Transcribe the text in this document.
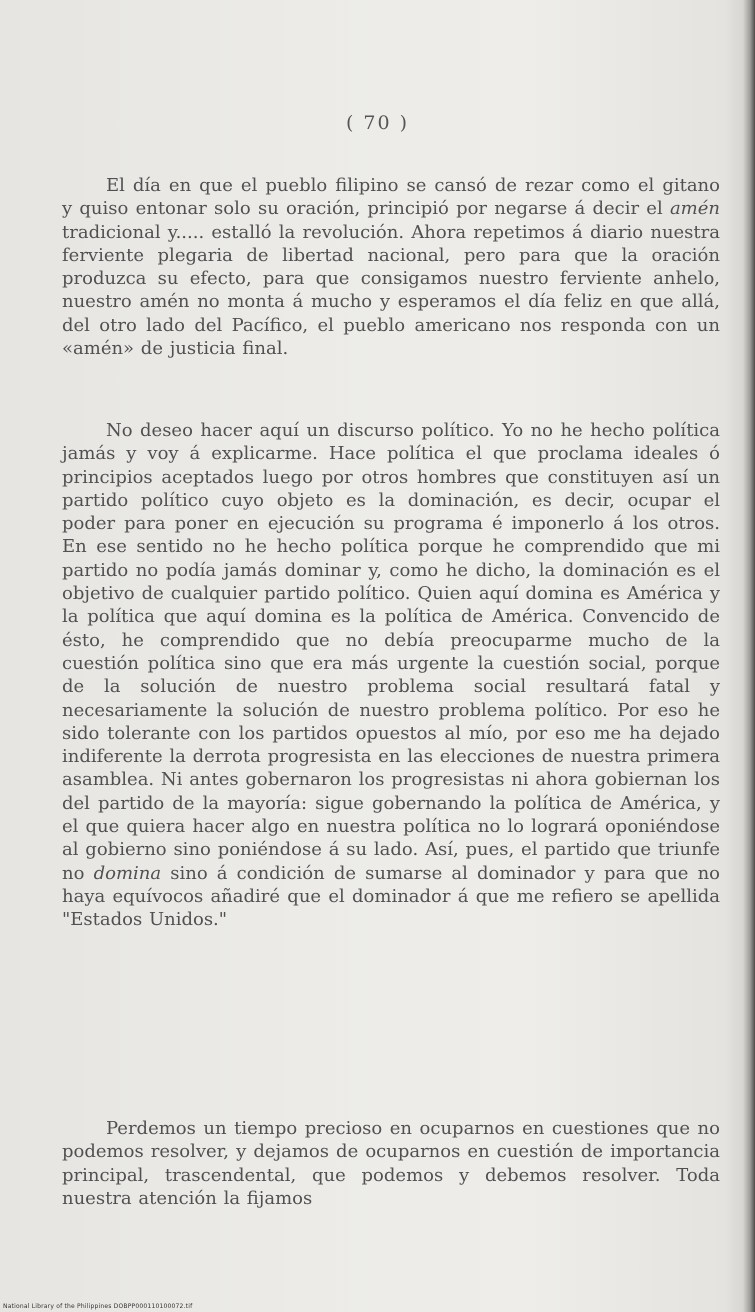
( 70 )

El día en que el pueblo filipino se cansó de rezar como el gitano y quiso entonar solo su oración, principió por negarse á decir el amén tradicional y..... estalló la revolución. Ahora repetimos á diario nuestra ferviente plegaria de libertad nacional, pero para que la oración produzca su efecto, para que consigamos nuestro ferviente anhelo, nuestro amén no monta á mucho y esperamos el día feliz en que allá, del otro lado del Pacífico, el pueblo americano nos responda con un «amén» de justicia final.

No deseo hacer aquí un discurso político. Yo no he hecho política jamás y voy á explicarme. Hace política el que proclama ideales ó principios aceptados luego por otros hombres que constituyen así un partido político cuyo objeto es la dominación, es decir, ocupar el poder para poner en ejecución su programa é imponerlo á los otros. En ese sentido no he hecho política porque he comprendido que mi partido no podía jamás dominar y, como he dicho, la dominación es el objetivo de cualquier partido político. Quien aquí domina es América y la política que aquí domina es la política de América. Convencido de ésto, he comprendido que no debía preocuparme mucho de la cuestión política sino que era más urgente la cuestión social, porque de la solución de nuestro problema social resultará fatal y necesariamente la solución de nuestro problema político. Por eso he sido tolerante con los partidos opuestos al mío, por eso me ha dejado indiferente la derrota progresista en las elecciones de nuestra primera asamblea. Ni antes gobernaron los progresistas ni ahora gobiernan los del partido de la mayoría: sigue gobernando la política de América, y el que quiera hacer algo en nuestra política no lo logrará oponiéndose al gobierno sino poniéndose á su lado. Así, pues, el partido que triunfe no domina sino á condición de sumarse al dominador y para que no haya equívocos añadiré que el dominador á que me refiero se apellida "Estados Unidos."

Perdemos un tiempo precioso en ocuparnos en cuestiones que no podemos resolver, y dejamos de ocuparnos en cuestión de importancia principal, trascendental, que podemos y debemos resolver. Toda nuestra atención la fijamos

National Library of the Philippines DOBPP000110100072.tif
